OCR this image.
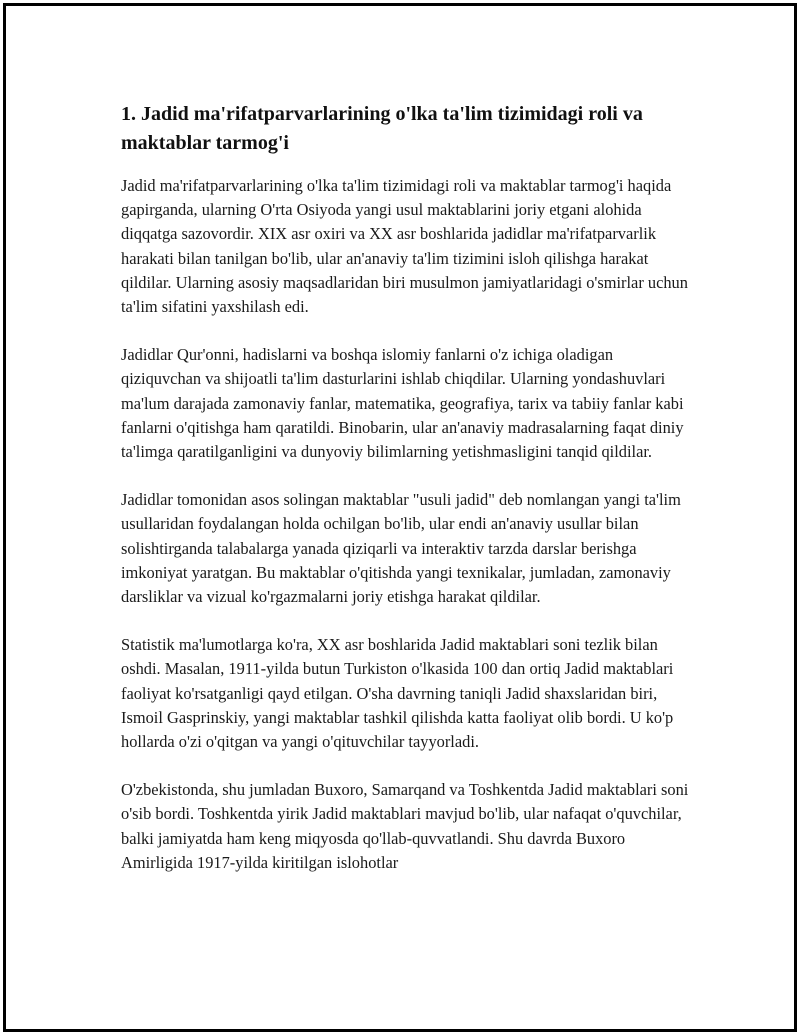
1. Jadid ma'rifatparvarlarining o'lka ta'lim tizimidagi roli va maktablar tarmog'i

Jadid ma'rifatparvarlarining o'lka ta'lim tizimidagi roli va maktablar tarmog'i haqida gapirganda, ularning O'rta Osiyoda yangi usul maktablarini joriy etgani alohida diqqatga sazovordir. XIX asr oxiri va XX asr boshlarida jadidlar ma'rifatparvarlik harakati bilan tanilgan bo'lib, ular an'anaviy ta'lim tizimini isloh qilishga harakat qildilar. Ularning asosiy maqsadlaridan biri musulmon jamiyatlaridagi o'smirlar uchun ta'lim sifatini yaxshilash edi.

Jadidlar Qur'onni, hadislarni va boshqa islomiy fanlarni o'z ichiga oladigan qiziquvchan va shijoatli ta'lim dasturlarini ishlab chiqdilar. Ularning yondashuvlari ma'lum darajada zamonaviy fanlar, matematika, geografiya, tarix va tabiiy fanlar kabi fanlarni o'qitishga ham qaratildi. Binobarin, ular an'anaviy madrasalarning faqat diniy ta'limga qaratilganligini va dunyoviy bilimlarning yetishmasligini tanqid qildilar.

Jadidlar tomonidan asos solingan maktablar "usuli jadid" deb nomlangan yangi ta'lim usullaridan foydalangan holda ochilgan bo'lib, ular endi an'anaviy usullar bilan solishtirganda talabalarga yanada qiziqarli va interaktiv tarzda darslar berishga imkoniyat yaratgan. Bu maktablar o'qitishda yangi texnikalar, jumladan, zamonaviy darsliklar va vizual ko'rgazmalarni joriy etishga harakat qildilar.

Statistik ma'lumotlarga ko'ra, XX asr boshlarida Jadid maktablari soni tezlik bilan oshdi. Masalan, 1911-yilda butun Turkiston o'lkasida 100 dan ortiq Jadid maktablari faoliyat ko'rsatganligi qayd etilgan. O'sha davrning taniqli Jadid shaxslaridan biri, Ismoil Gasprinskiy, yangi maktablar tashkil qilishda katta faoliyat olib bordi. U ko'p hollarda o'zi o'qitgan va yangi o'qituvchilar tayyorladi.

O'zbekistonda, shu jumladan Buxoro, Samarqand va Toshkentda Jadid maktablari soni o'sib bordi. Toshkentda yirik Jadid maktablari mavjud bo'lib, ular nafaqat o'quvchilar, balki jamiyatda ham keng miqyosda qo'llab-quvvatlandi. Shu davrda Buxoro Amirligida 1917-yilda kiritilgan islohotlar
